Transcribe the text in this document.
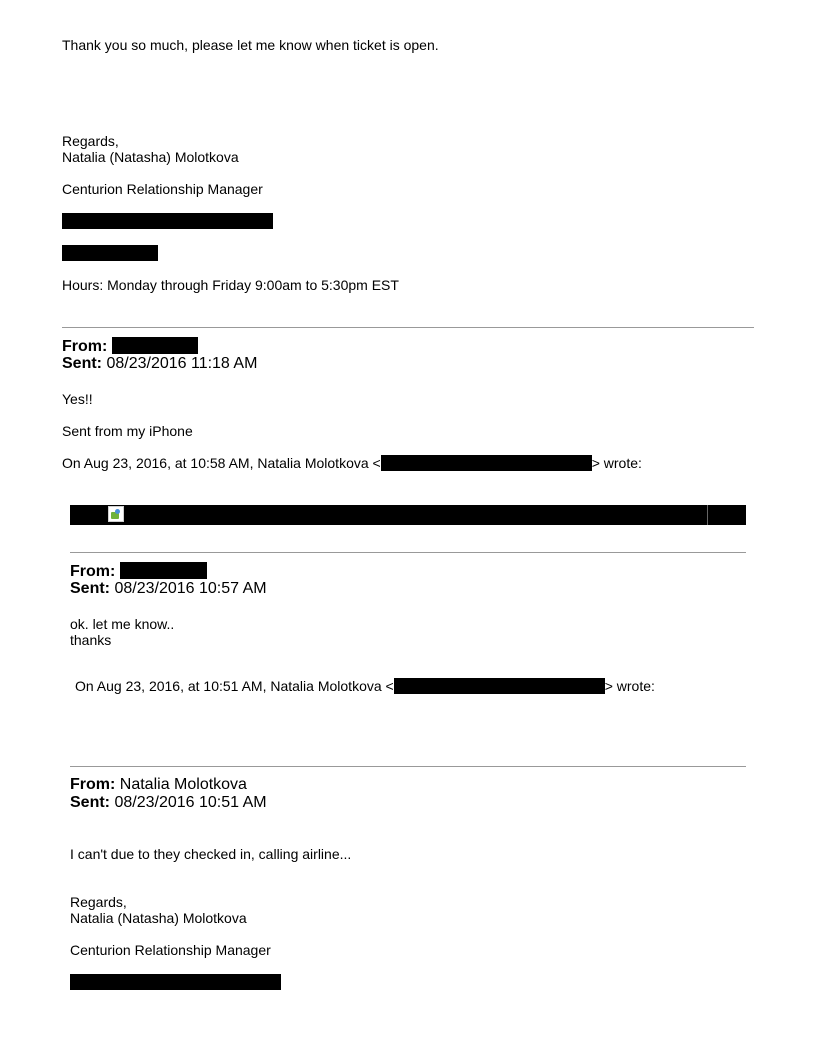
Thank you so much, please let me know when ticket is open.

Regards,

Natalia (Natasha) Molotkova

Centurion Relationship Manager

Hours: Monday through Friday 9:00am to 5:30pm EST

From:

Sent: 08/23/2016 11:18 AM

Yes!!

Sent from my iPhone

On Aug 23, 2016, at 10:58 AM, Natalia Molotkova <	> wrote:

From:

Sent: 08/23/2016 10:57 AM

ok. let me know..

thanks

On Aug 23, 2016, at 10:51 AM, Natalia Molotkova <	> wrote:

From: Natalia Molotkova

Sent: 08/23/2016 10:51 AM

I can't due to they checked in, calling airline...

Regards,

Natalia (Natasha) Molotkova

Centurion Relationship Manager
